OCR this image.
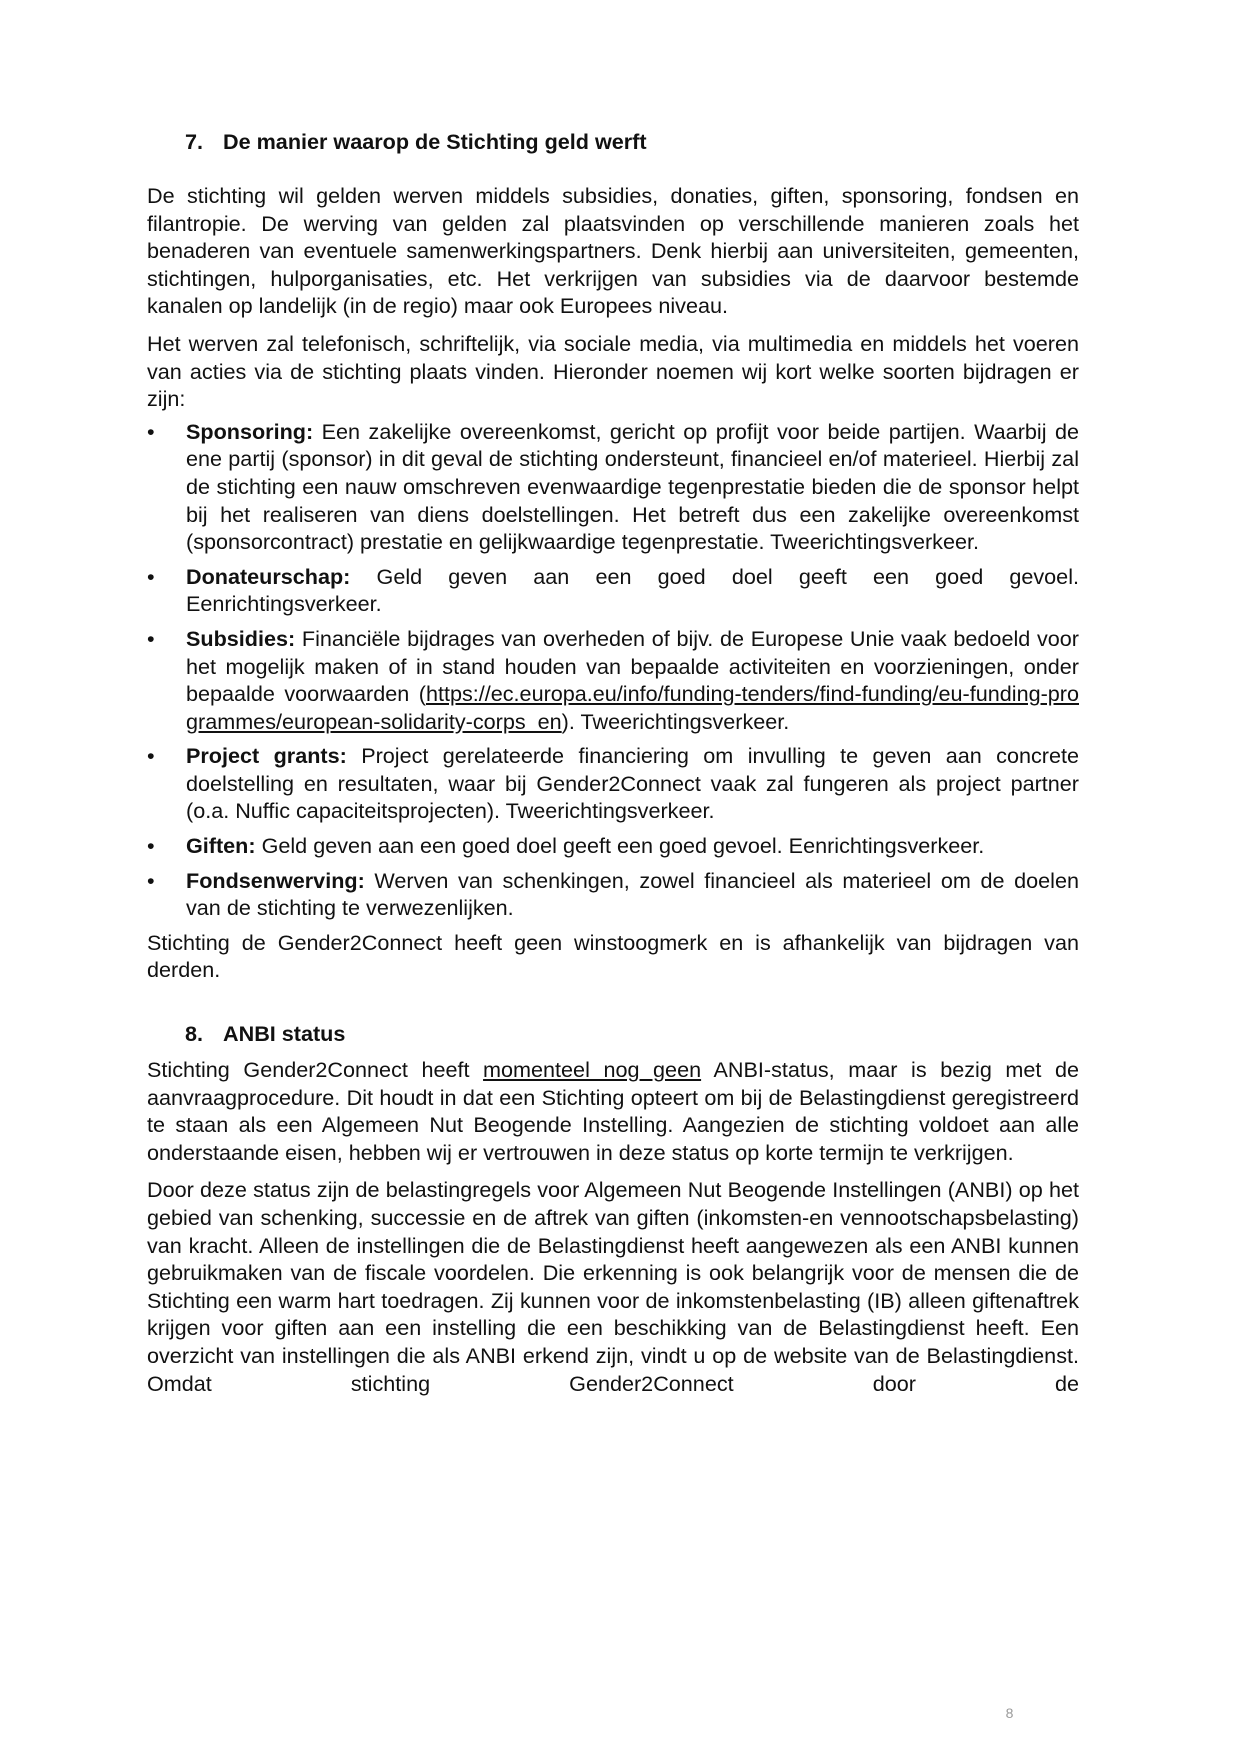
7. De manier waarop de Stichting geld werft

De stichting wil gelden werven middels subsidies, donaties, giften, sponsoring, fondsen en filantropie. De werving van gelden zal plaatsvinden op verschillende manieren zoals het benaderen van eventuele samenwerkingspartners. Denk hierbij aan universiteiten, gemeenten, stichtingen, hulporganisaties, etc. Het verkrijgen van subsidies via de daarvoor bestemde kanalen op landelijk (in de regio) maar ook Europees niveau.

Het werven zal telefonisch, schriftelijk, via sociale media, via multimedia en middels het voeren van acties via de stichting plaats vinden. Hieronder noemen wij kort welke soorten bijdragen er zijn:

• Sponsoring: Een zakelijke overeenkomst, gericht op profijt voor beide partijen. Waarbij de ene partij (sponsor) in dit geval de stichting ondersteunt, financieel en/of materieel. Hierbij zal de stichting een nauw omschreven evenwaardige tegenprestatie bieden die de sponsor helpt bij het realiseren van diens doelstellingen. Het betreft dus een zakelijke overeenkomst (sponsorcontract) prestatie en gelijkwaardige tegenprestatie. Tweerichtingsverkeer.
• Donateurschap: Geld geven aan een goed doel geeft een goed gevoel. Eenrichtingsverkeer.
• Subsidies: Financiële bijdrages van overheden of bijv. de Europese Unie vaak bedoeld voor het mogelijk maken of in stand houden van bepaalde activiteiten en voorzieningen, onder bepaalde voorwaarden (https://ec.europa.eu/info/funding-tenders/find-funding/eu-funding-programmes/european-solidarity-corps_en). Tweerichtingsverkeer.
• Project grants: Project gerelateerde financiering om invulling te geven aan concrete doelstelling en resultaten, waar bij Gender2Connect vaak zal fungeren als project partner (o.a. Nuffic capaciteitsprojecten). Tweerichtingsverkeer.
• Giften: Geld geven aan een goed doel geeft een goed gevoel. Eenrichtingsverkeer.
• Fondsenwerving: Werven van schenkingen, zowel financieel als materieel om de doelen van de stichting te verwezenlijken.

Stichting de Gender2Connect heeft geen winstoogmerk en is afhankelijk van bijdragen van derden.

8. ANBI status

Stichting Gender2Connect heeft momenteel nog geen ANBI-status, maar is bezig met de aanvraagprocedure. Dit houdt in dat een Stichting opteert om bij de Belastingdienst geregistreerd te staan als een Algemeen Nut Beogende Instelling. Aangezien de stichting voldoet aan alle onderstaande eisen, hebben wij er vertrouwen in deze status op korte termijn te verkrijgen.

Door deze status zijn de belastingregels voor Algemeen Nut Beogende Instellingen (ANBI) op het gebied van schenking, successie en de aftrek van giften (inkomsten-en vennootschapsbelasting) van kracht. Alleen de instellingen die de Belastingdienst heeft aangewezen als een ANBI kunnen gebruikmaken van de fiscale voordelen. Die erkenning is ook belangrijk voor de mensen die de Stichting een warm hart toedragen. Zij kunnen voor de inkomstenbelasting (IB) alleen giftenaftrek krijgen voor giften aan een instelling die een beschikking van de Belastingdienst heeft. Een overzicht van instellingen die als ANBI erkend zijn, vindt u op de website van de Belastingdienst. Omdat stichting Gender2Connect door de

8
